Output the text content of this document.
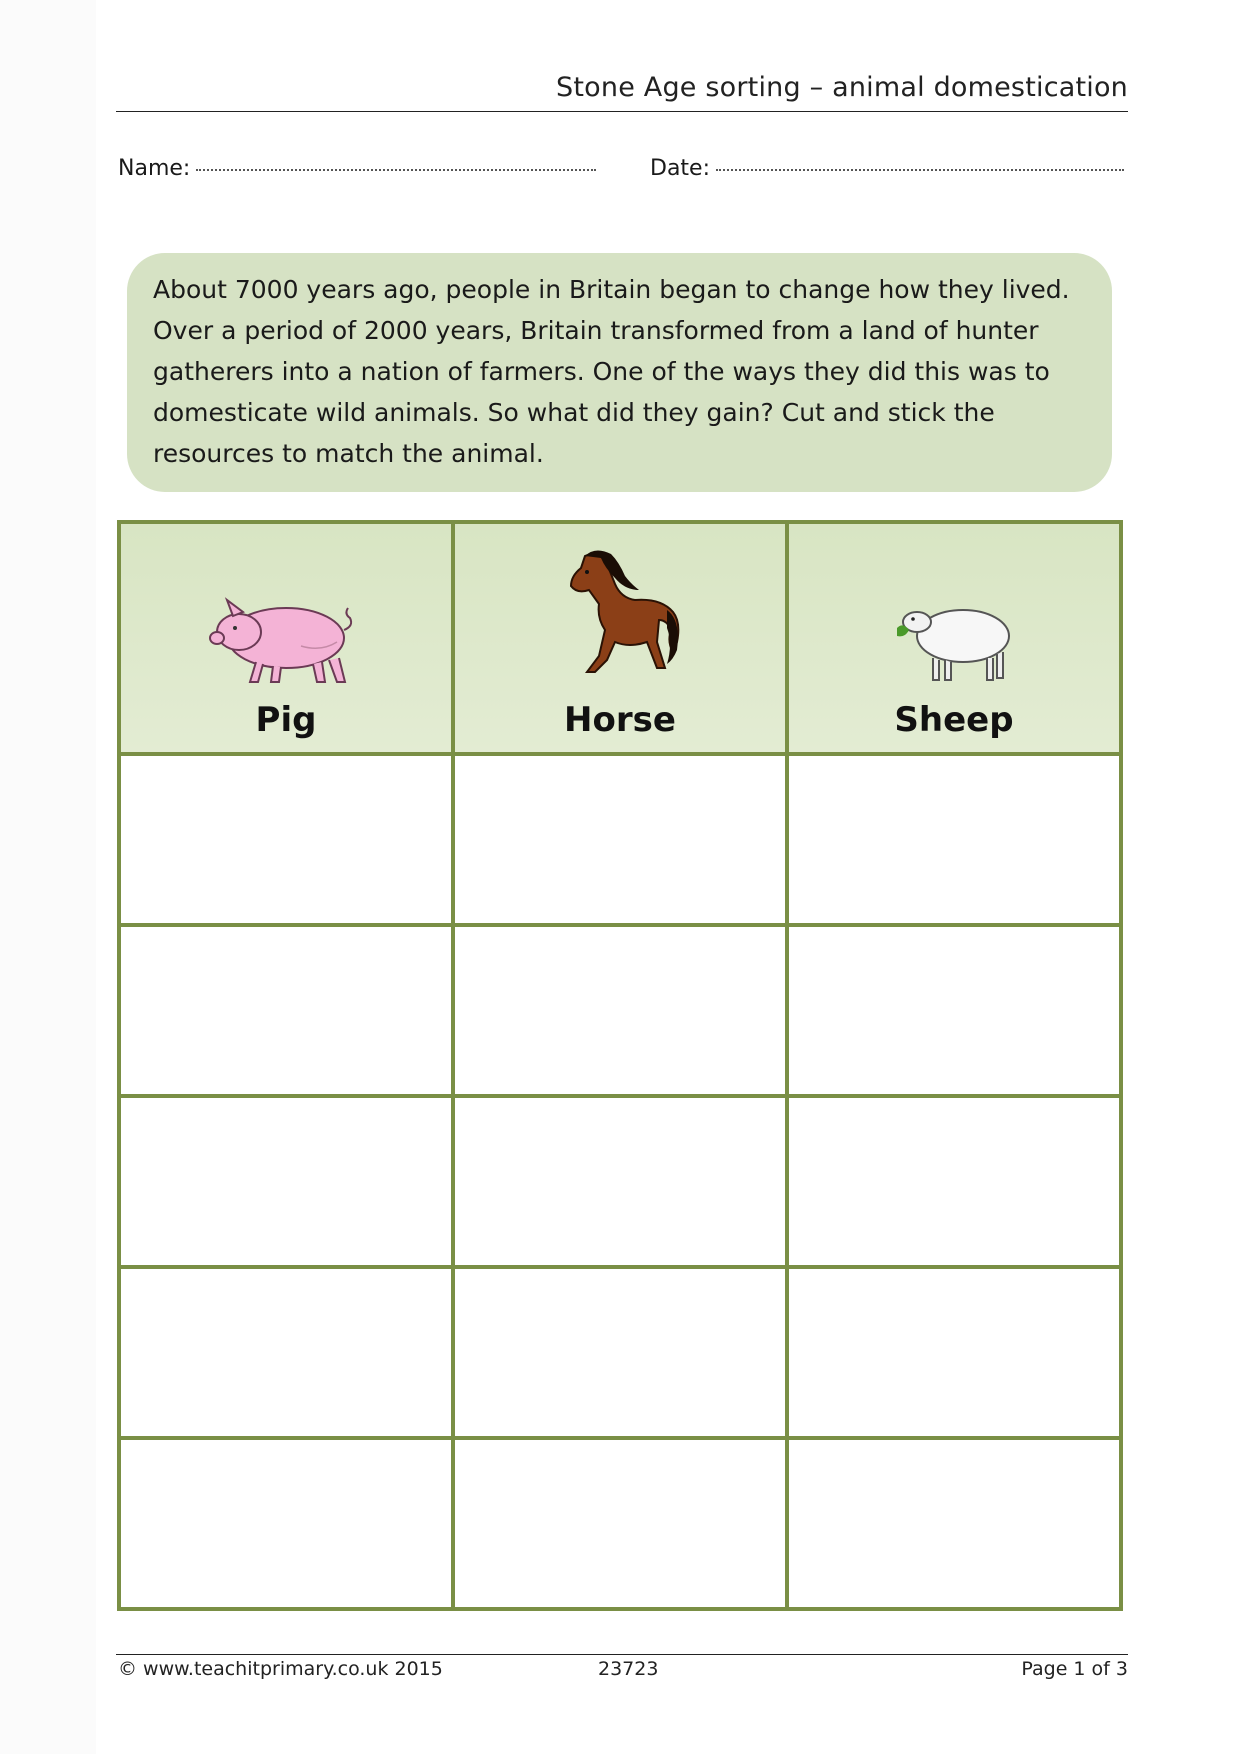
Stone Age sorting – animal domestication
Name:	Date:
About 7000 years ago, people in Britain began to change how they lived.
Over a period of 2000 years, Britain transformed from a land of hunter
gatherers into a nation of farmers. One of the ways they did this was to
domesticate wild animals. So what did they gain? Cut and stick the
resources to match the animal.
Pig	Horse	Sheep

© www.teachitprimary.co.uk 2015	23723	Page 1 of 3
